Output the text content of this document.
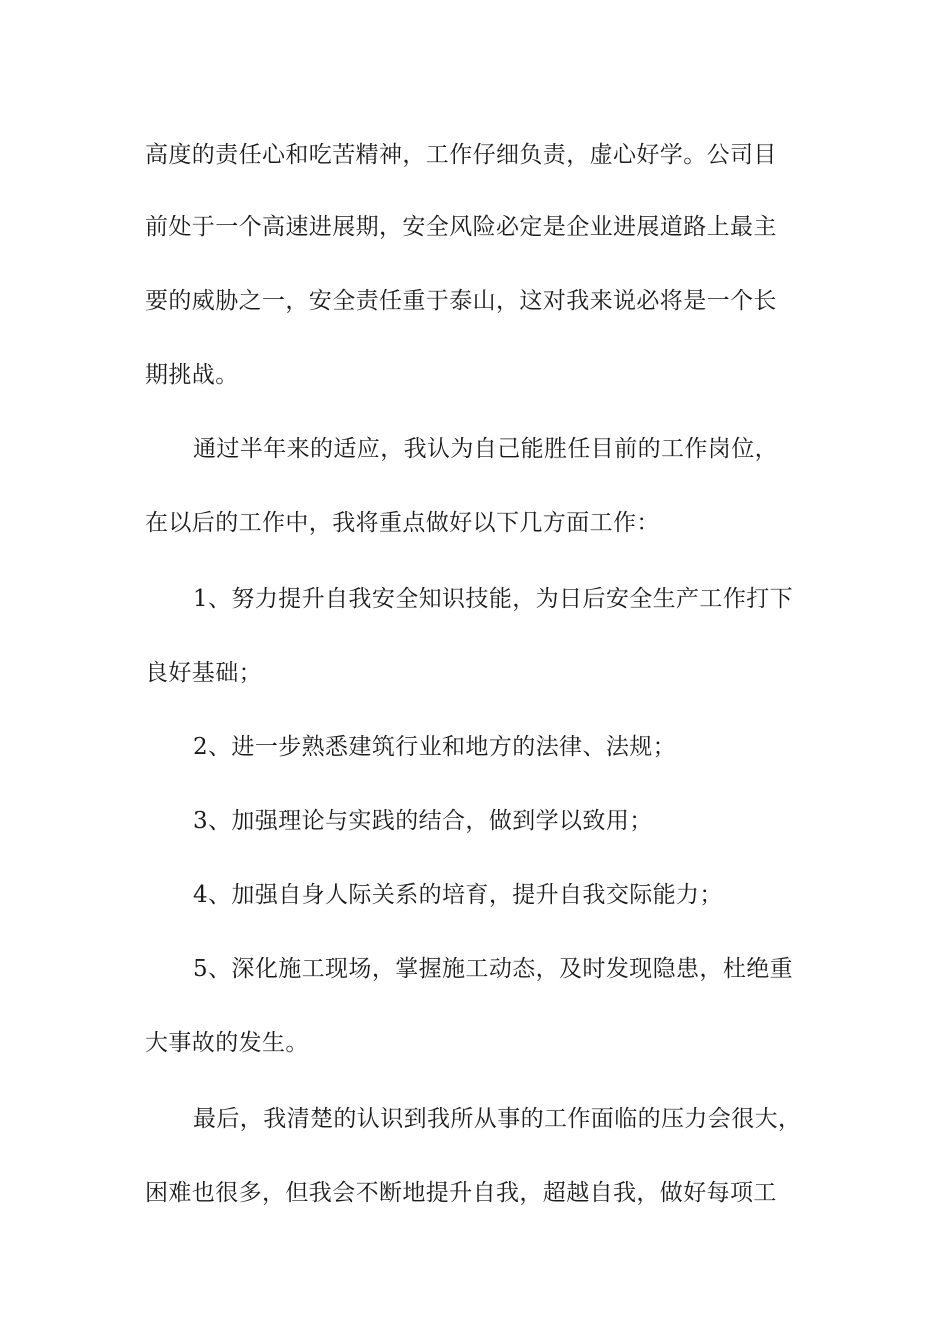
高度的责任心和吃苦精神，工作仔细负责，虚心好学。公司目

前处于一个高速进展期，安全风险必定是企业进展道路上最主

要的威胁之一，安全责任重于泰山，这对我来说必将是一个长

期挑战。

通过半年来的适应，我认为自己能胜任目前的工作岗位，

在以后的工作中，我将重点做好以下几方面工作：

1、努力提升自我安全知识技能，为日后安全生产工作打下

良好基础；

2、进一步熟悉建筑行业和地方的法律、法规；

3、加强理论与实践的结合，做到学以致用；

4、加强自身人际关系的培育，提升自我交际能力；

5、深化施工现场，掌握施工动态，及时发现隐患，杜绝重

大事故的发生。

最后，我清楚的认识到我所从事的工作面临的压力会很大，

困难也很多，但我会不断地提升自我，超越自我，做好每项工
